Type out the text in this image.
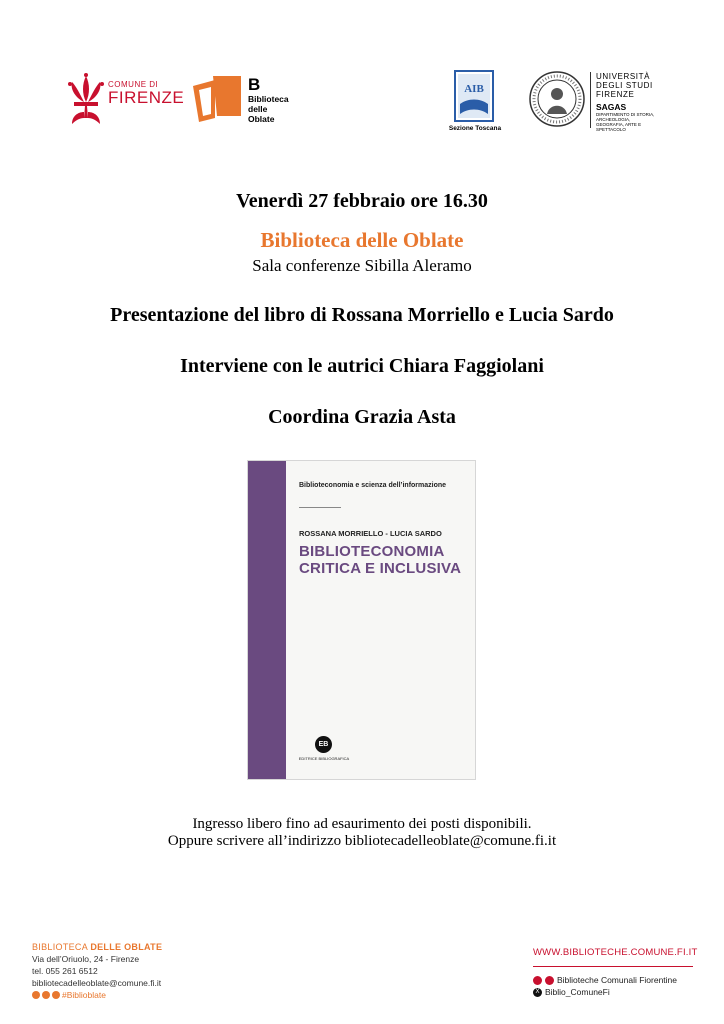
COMUNE DI
FIRENZE
B
Biblioteca
delle Oblate
AIB
Sezione Toscana
UNIVERSITÀ
DEGLI STUDI
FIRENZE
SAGAS
DIPARTIMENTO DI STORIA, ARCHEOLOGIA, GEOGRAFIA, ARTE E SPETTACOLO
Venerdì 27 febbraio ore 16.30
Biblioteca delle Oblate
Sala conferenze Sibilla Aleramo
Presentazione del libro di Rossana Morriello e Lucia Sardo
Interviene con le autrici Chiara Faggiolani
Coordina Grazia Asta
Biblioteconomia e scienza dell’informazione
ROSSANA MORRIELLO - LUCIA SARDO
BIBLIOTECONOMIA
CRITICA E INCLUSIVA
EB
EDITRICE BIBLIOGRAFICA
Ingresso libero fino ad esaurimento dei posti disponibili.
Oppure scrivere all’indirizzo bibliotecadelleoblate@comune.fi.it
BIBLIOTECA DELLE OBLATE
Via dell’Oriuolo, 24 - Firenze
tel. 055 261 6512
bibliotecadelleoblate@comune.fi.it
#Biblioblate
WWW.BIBLIOTECHE.COMUNE.FI.IT
Biblioteche Comunali Fiorentine
X Biblio_ComuneFi
